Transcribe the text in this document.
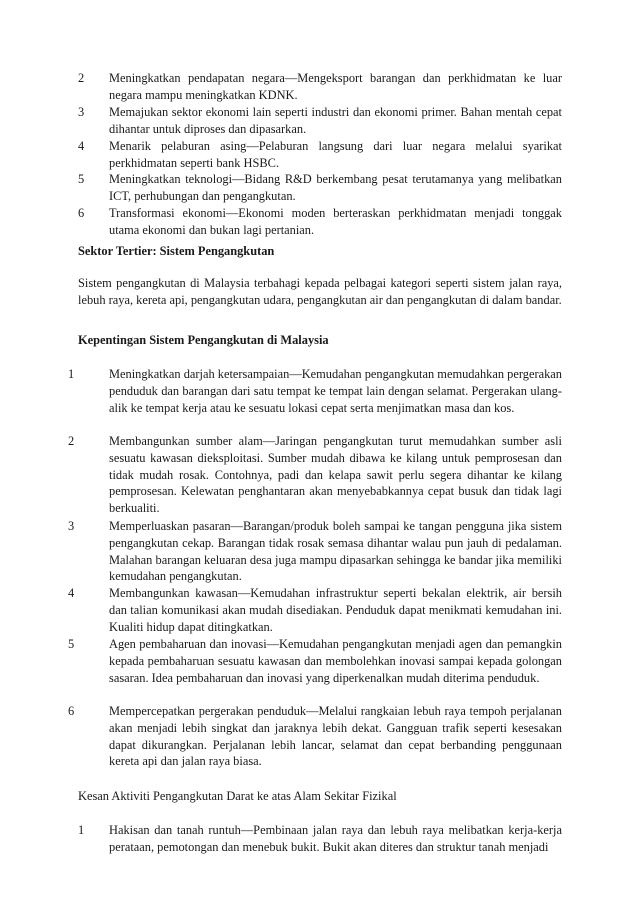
2	Meningkatkan pendapatan negara—Mengeksport barangan dan perkhidmatan ke luar negara mampu meningkatkan KDNK.
3	Memajukan sektor ekonomi lain seperti industri dan ekonomi primer. Bahan mentah cepat dihantar untuk diproses dan dipasarkan.
4	Menarik pelaburan asing—Pelaburan langsung dari luar negara melalui syarikat perkhidmatan seperti bank HSBC.
5	Meningkatkan teknologi—Bidang R&D berkembang pesat terutamanya yang melibatkan ICT, perhubungan dan pengangkutan.
6	Transformasi ekonomi—Ekonomi moden berteraskan perkhidmatan menjadi tonggak utama ekonomi dan bukan lagi pertanian.
Sektor Tertier: Sistem Pengangkutan
Sistem pengangkutan di Malaysia terbahagi kepada pelbagai kategori seperti sistem jalan raya, lebuh raya, kereta api, pengangkutan udara, pengangkutan air dan pengangkutan di dalam bandar.
Kepentingan Sistem Pengangkutan di Malaysia
1	Meningkatkan darjah ketersampaian—Kemudahan pengangkutan memudahkan pergerakan penduduk dan barangan dari satu tempat ke tempat lain dengan selamat. Pergerakan ulang-alik ke tempat kerja atau ke sesuatu lokasi cepat serta menjimatkan masa dan kos.
2	Membangunkan sumber alam—Jaringan pengangkutan turut memudahkan sumber asli sesuatu kawasan dieksploitasi. Sumber mudah dibawa ke kilang untuk pemprosesan dan tidak mudah rosak. Contohnya, padi dan kelapa sawit perlu segera dihantar ke kilang pemprosesan. Kelewatan penghantaran akan menyebabkannya cepat busuk dan tidak lagi berkualiti.
3	Memperluaskan pasaran—Barangan/produk boleh sampai ke tangan pengguna jika sistem pengangkutan cekap. Barangan tidak rosak semasa dihantar walau pun jauh di pedalaman. Malahan barangan keluaran desa juga mampu dipasarkan sehingga ke bandar jika memiliki kemudahan pengangkutan.
4	Membangunkan kawasan—Kemudahan infrastruktur seperti bekalan elektrik, air bersih dan talian komunikasi akan mudah disediakan. Penduduk dapat menikmati kemudahan ini. Kualiti hidup dapat ditingkatkan.
5	Agen pembaharuan dan inovasi—Kemudahan pengangkutan menjadi agen dan pemangkin kepada pembaharuan sesuatu kawasan dan membolehkan inovasi sampai kepada golongan sasaran. Idea pembaharuan dan inovasi yang diperkenalkan mudah diterima penduduk.
6	Mempercepatkan pergerakan penduduk—Melalui rangkaian lebuh raya tempoh perjalanan akan menjadi lebih singkat dan jaraknya lebih dekat. Gangguan trafik seperti kesesakan dapat dikurangkan. Perjalanan lebih lancar, selamat dan cepat berbanding penggunaan kereta api dan jalan raya biasa.
Kesan Aktiviti Pengangkutan Darat ke atas Alam Sekitar Fizikal
1	Hakisan dan tanah runtuh—Pembinaan jalan raya dan lebuh raya melibatkan kerja-kerja perataan, pemotongan dan menebuk bukit. Bukit akan diteres dan struktur tanah menjadi
